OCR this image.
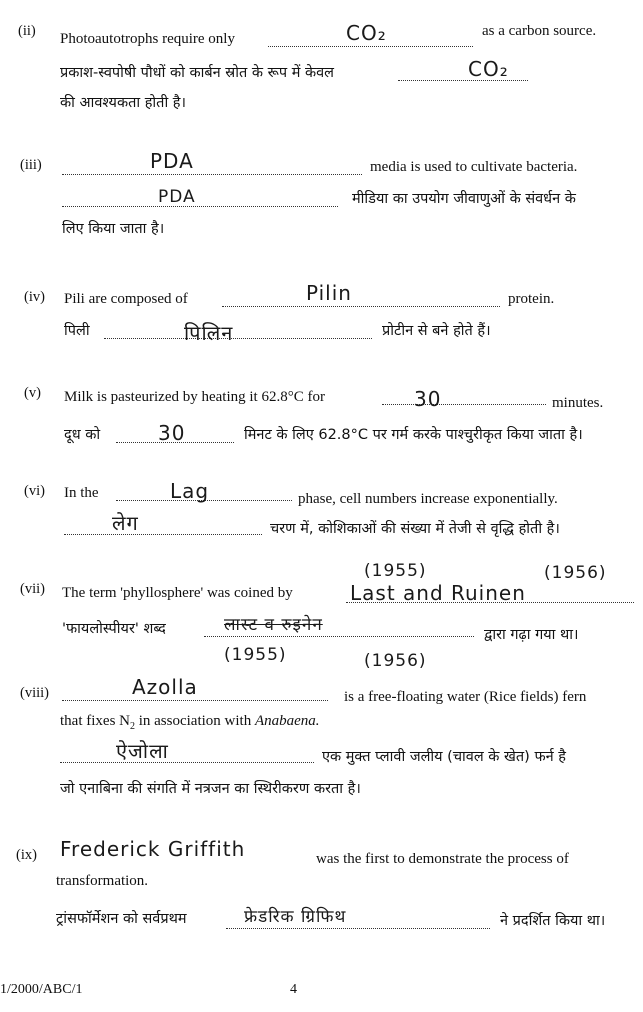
(ii) Photoautotrophs require only	CO₂	as a carbon source.
प्रकाश-स्वपोषी पौधों को कार्बन स्रोत के रूप में केवल	CO₂
की आवश्यकता होती है।
(iii)	PDA	media is used to cultivate bacteria.
PDA	मीडिया का उपयोग जीवाणुओं के संवर्धन के
लिए किया जाता है।
(iv) Pili are composed of	Pilin	protein.
पिली	पिलिन	प्रोटीन से बने होते हैं।
(v) Milk is pasteurized by heating it 62.8°C for	30	minutes.
दूध को	30	मिनट के लिए 62.8°C पर गर्म करके पाश्चुरीकृत किया जाता है।
(vi) In the	Lag	phase, cell numbers increase exponentially.
लेग	चरण में, कोशिकाओं की संख्या में तेजी से वृद्धि होती है।
(vii)
(1955)	(1956)
The term 'phyllosphere' was coined by	Last and Ruinen
'फायलोस्पीयर' शब्द	लास्ट व रुइनेन	द्वारा गढ़ा गया था।
(1955)	(1956)
(viii)	Azolla	is a free-floating water (Rice fields) fern
that fixes $N_2$ in association with Anabaena.
ऐजोला	एक मुक्त प्लावी जलीय (चावल के खेत) फर्न है
जो एनाबिना की संगति में नत्रजन का स्थिरीकरण करता है।
(ix) Frederick Griffith	was the first to demonstrate the process of
transformation.
ट्रांसफॉर्मेशन को सर्वप्रथम	फ्रेडरिक ग्रिफिथ	ने प्रदर्शित किया था।
1/2000/ABC/1	4
